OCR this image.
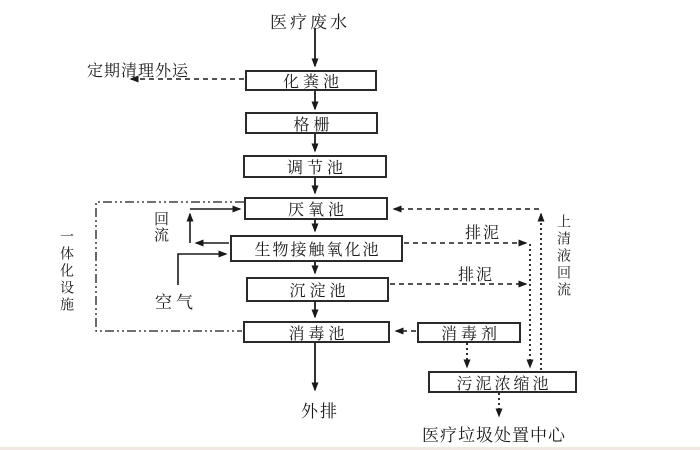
医疗废水
定期清理外运
回流
空气
一体化设施	排泥
排泥	上清液回流
外排
医疗垃圾处置中心
化粪池
格栅
调节池
厌氧池
生物接触氧化池
沉淀池
消毒池	消毒剂
污泥浓缩池
